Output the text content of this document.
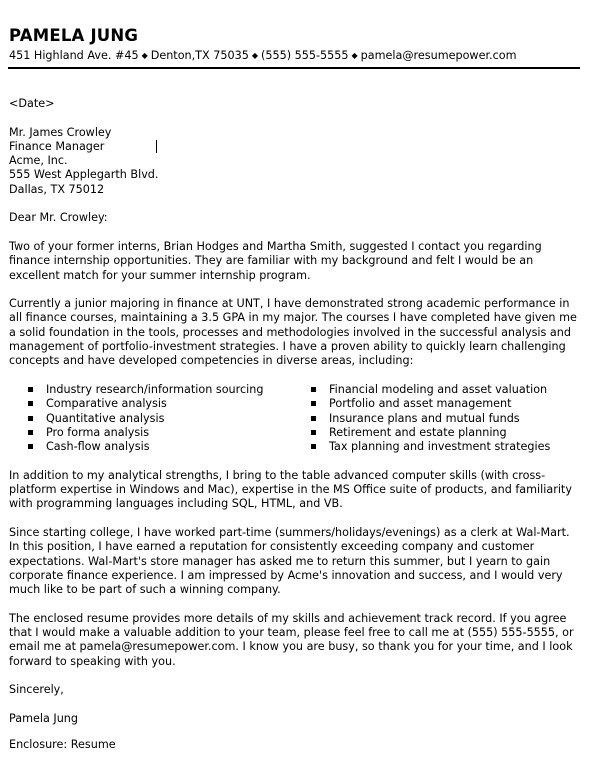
PAMELA JUNG
451 Highland Ave. #45 ◆ Denton,TX 75035 ◆ (555) 555-5555 ◆ pamela@resumepower.com

<Date>

Mr. James Crowley
Finance Manager
Acme, Inc.
555 West Applegarth Blvd.
Dallas, TX 75012

Dear Mr. Crowley:

Two of your former interns, Brian Hodges and Martha Smith, suggested I contact you regarding finance internship opportunities. They are familiar with my background and felt I would be an excellent match for your summer internship program.

Currently a junior majoring in finance at UNT, I have demonstrated strong academic performance in all finance courses, maintaining a 3.5 GPA in my major. The courses I have completed have given me a solid foundation in the tools, processes and methodologies involved in the successful analysis and management of portfolio-investment strategies. I have a proven ability to quickly learn challenging concepts and have developed competencies in diverse areas, including:

Industry research/information sourcing
Comparative analysis
Quantitative analysis
Pro forma analysis
Cash-flow analysis
Financial modeling and asset valuation
Portfolio and asset management
Insurance plans and mutual funds
Retirement and estate planning
Tax planning and investment strategies

In addition to my analytical strengths, I bring to the table advanced computer skills (with cross-platform expertise in Windows and Mac), expertise in the MS Office suite of products, and familiarity with programming languages including SQL, HTML, and VB.

Since starting college, I have worked part-time (summers/holidays/evenings) as a clerk at Wal-Mart. In this position, I have earned a reputation for consistently exceeding company and customer expectations. Wal-Mart's store manager has asked me to return this summer, but I yearn to gain corporate finance experience. I am impressed by Acme's innovation and success, and I would very much like to be part of such a winning company.

The enclosed resume provides more details of my skills and achievement track record. If you agree that I would make a valuable addition to your team, please feel free to call me at (555) 555-5555, or email me at pamela@resumepower.com. I know you are busy, so thank you for your time, and I look forward to speaking with you.

Sincerely,

Pamela Jung

Enclosure: Resume
